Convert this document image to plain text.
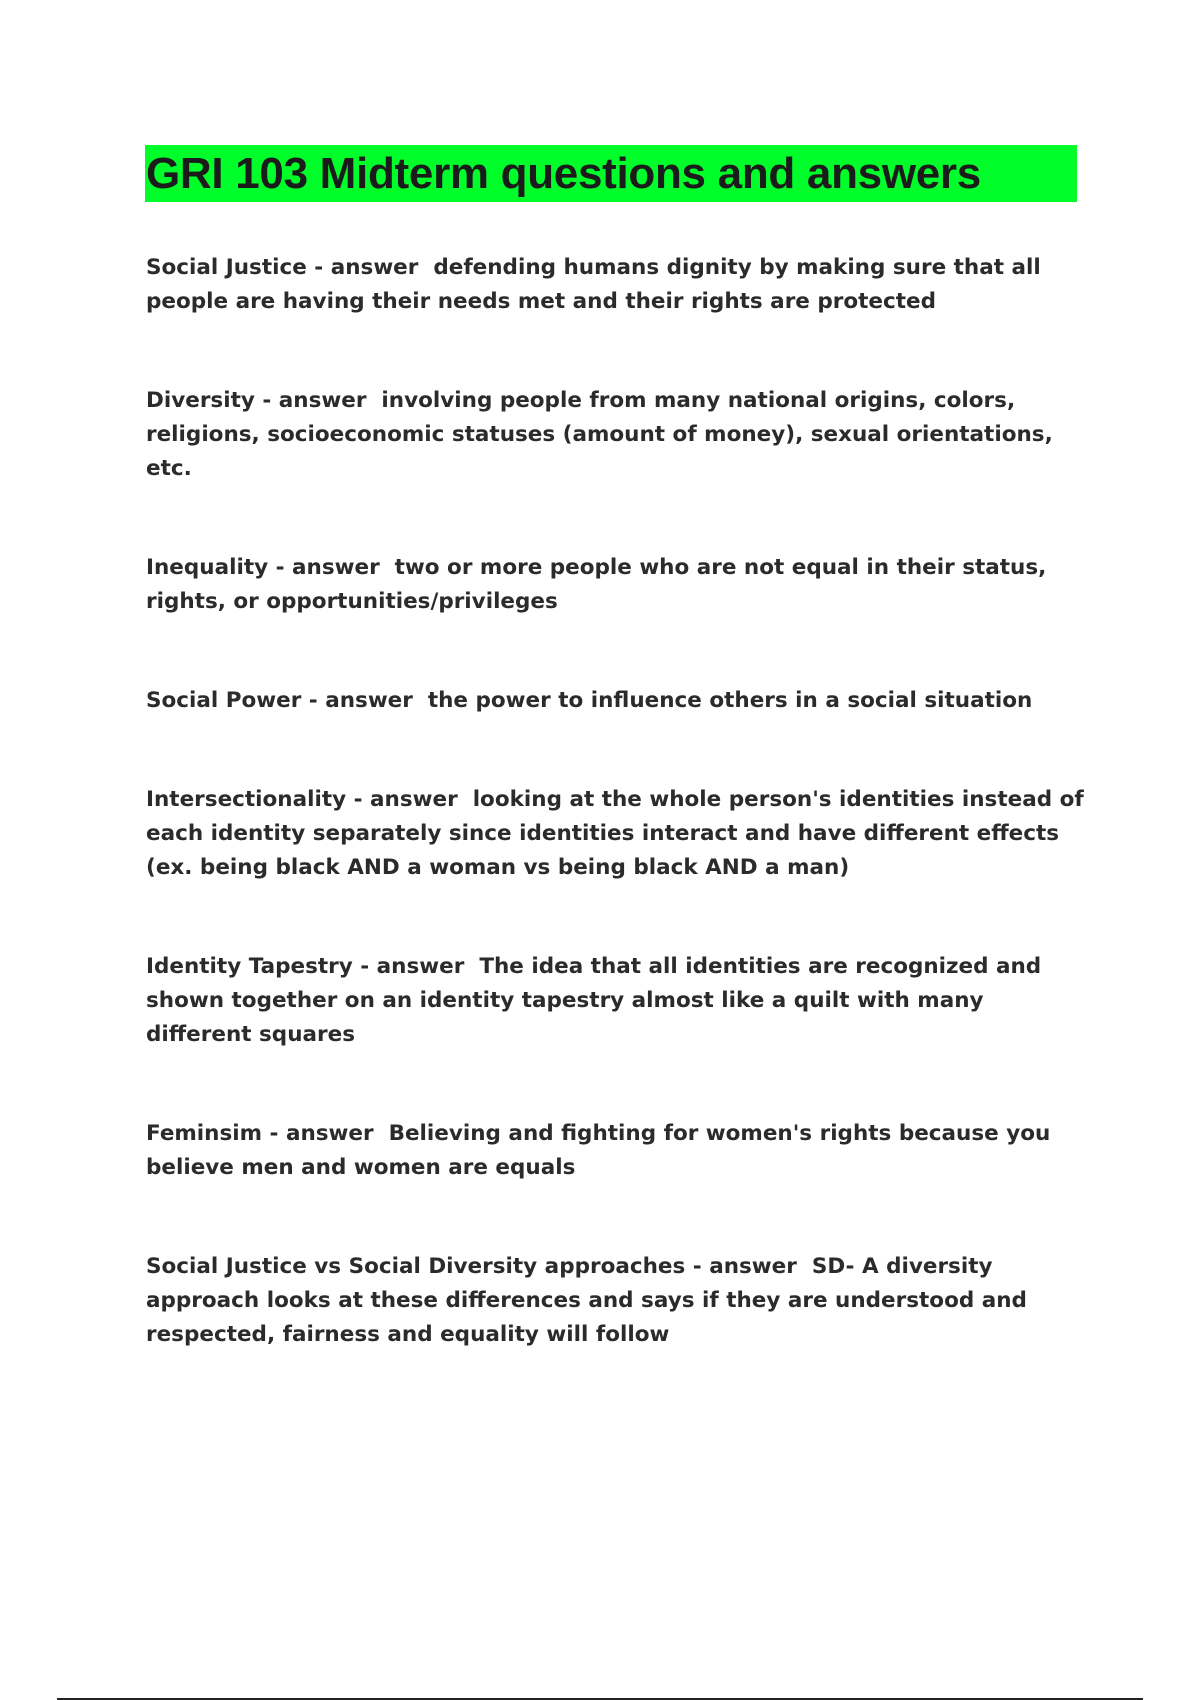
GRI 103 Midterm questions and answers
Social Justice - answer  defending humans dignity by making sure that all people are having their needs met and their rights are protected
Diversity - answer  involving people from many national origins, colors, religions, socioeconomic statuses (amount of money), sexual orientations, etc.
Inequality - answer  two or more people who are not equal in their status, rights, or opportunities/privileges
Social Power - answer  the power to influence others in a social situation
Intersectionality - answer  looking at the whole person's identities instead of each identity separately since identities interact and have different effects (ex. being black AND a woman vs being black AND a man)
Identity Tapestry - answer  The idea that all identities are recognized and shown together on an identity tapestry almost like a quilt with many different squares
Feminsim - answer  Believing and fighting for women's rights because you believe men and women are equals
Social Justice vs Social Diversity approaches - answer  SD- A diversity approach looks at these differences and says if they are understood and respected, fairness and equality will follow
